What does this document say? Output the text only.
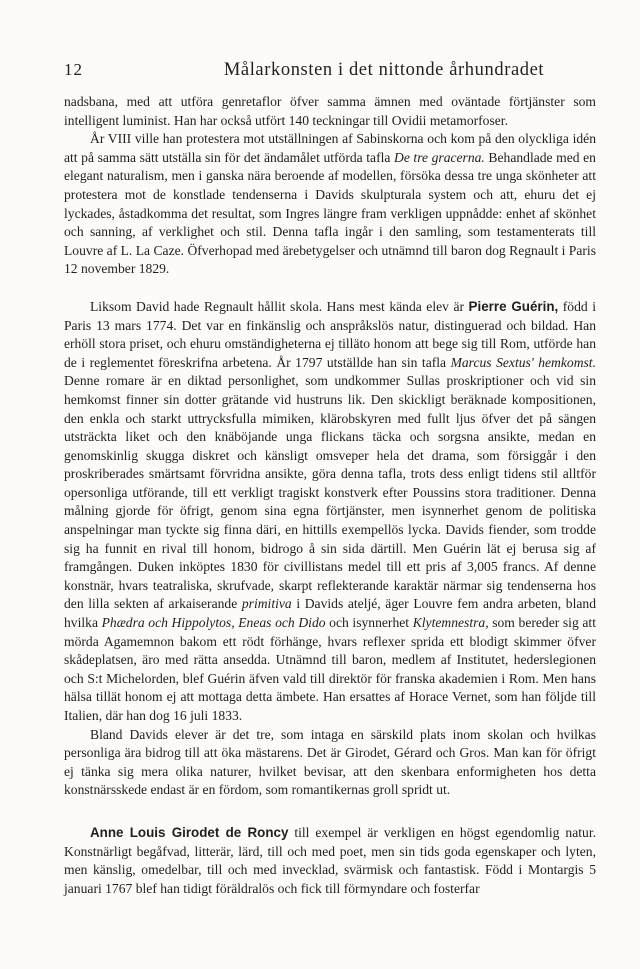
12	Målarkonsten i det nittonde århundradet

nadsbana, med att utföra genretaflor öfver samma ämnen med oväntade förtjänster som intelligent luminist. Han har också utfört 140 teckningar till Ovidii metamorfoser.

År VIII ville han protestera mot utställningen af Sabinskorna och kom på den olyckliga idén att på samma sätt utställa sin för det ändamålet utförda tafla De tre gracerna. Behandlade med en elegant naturalism, men i ganska nära beroende af modellen, försöka dessa tre unga skönheter att protestera mot de konstlade tendenserna i Davids skulpturala system och att, ehuru det ej lyckades, åstadkomma det resultat, som Ingres längre fram verkligen uppnådde: enhet af skönhet och sanning, af verklighet och stil. Denna tafla ingår i den samling, som testamenterats till Louvre af L. La Caze. Öfverhopad med ärebetygelser och utnämnd till baron dog Regnault i Paris 12 november 1829.

Liksom David hade Regnault hållit skola. Hans mest kända elev är Pierre Guérin, född i Paris 13 mars 1774. Det var en finkänslig och anspråkslös natur, distinguerad och bildad. Han erhöll stora priset, och ehuru omständigheterna ej tilläto honom att bege sig till Rom, utförde han de i reglementet föreskrifna arbetena. År 1797 utställde han sin tafla Marcus Sextus' hemkomst. Denne romare är en diktad personlighet, som undkommer Sullas proskriptioner och vid sin hemkomst finner sin dotter grätande vid hustruns lik. Den skickligt beräknade kompositionen, den enkla och starkt uttrycksfulla mimiken, klärobskyren med fullt ljus öfver det på sängen utsträckta liket och den knäböjande unga flickans täcka och sorgsna ansikte, medan en genomskinlig skugga diskret och känsligt omsveper hela det drama, som försiggår i den proskriberades smärtsamt förvridna ansikte, göra denna tafla, trots dess enligt tidens stil alltför opersonliga utförande, till ett verkligt tragiskt konstverk efter Poussins stora traditioner. Denna målning gjorde för öfrigt, genom sina egna förtjänster, men isynnerhet genom de politiska anspelningar man tyckte sig finna däri, en hittills exempellös lycka. Davids fiender, som trodde sig ha funnit en rival till honom, bidrogo å sin sida därtill. Men Guérin lät ej berusa sig af framgången. Duken inköptes 1830 för civillistans medel till ett pris af 3,005 francs. Af denne konstnär, hvars teatraliska, skrufvade, skarpt reflekterande karaktär närmar sig tendenserna hos den lilla sekten af arkaiserande primitiva i Davids ateljé, äger Louvre fem andra arbeten, bland hvilka Phædra och Hippolytos, Eneas och Dido och isynnerhet Klytemnestra, som bereder sig att mörda Agamemnon bakom ett rödt förhänge, hvars reflexer sprida ett blodigt skimmer öfver skådeplatsen, äro med rätta ansedda. Utnämnd till baron, medlem af Institutet, hederslegionen och S:t Michelorden, blef Guérin äfven vald till direktör för franska akademien i Rom. Men hans hälsa tillät honom ej att mottaga detta ämbete. Han ersattes af Horace Vernet, som han följde till Italien, där han dog 16 juli 1833.

Bland Davids elever är det tre, som intaga en särskild plats inom skolan och hvilkas personliga ära bidrog till att öka mästarens. Det är Girodet, Gérard och Gros. Man kan för öfrigt ej tänka sig mera olika naturer, hvilket bevisar, att den skenbara enformigheten hos detta konstnärsskede endast är en fördom, som romantikernas groll spridt ut.

Anne Louis Girodet de Roncy till exempel är verkligen en högst egendomlig natur. Konstnärligt begåfvad, litterär, lärd, till och med poet, men sin tids goda egenskaper och lyten, men känslig, omedelbar, till och med invecklad, svärmisk och fantastisk. Född i Montargis 5 januari 1767 blef han tidigt föräldralös och fick till förmyndare och fosterfar
